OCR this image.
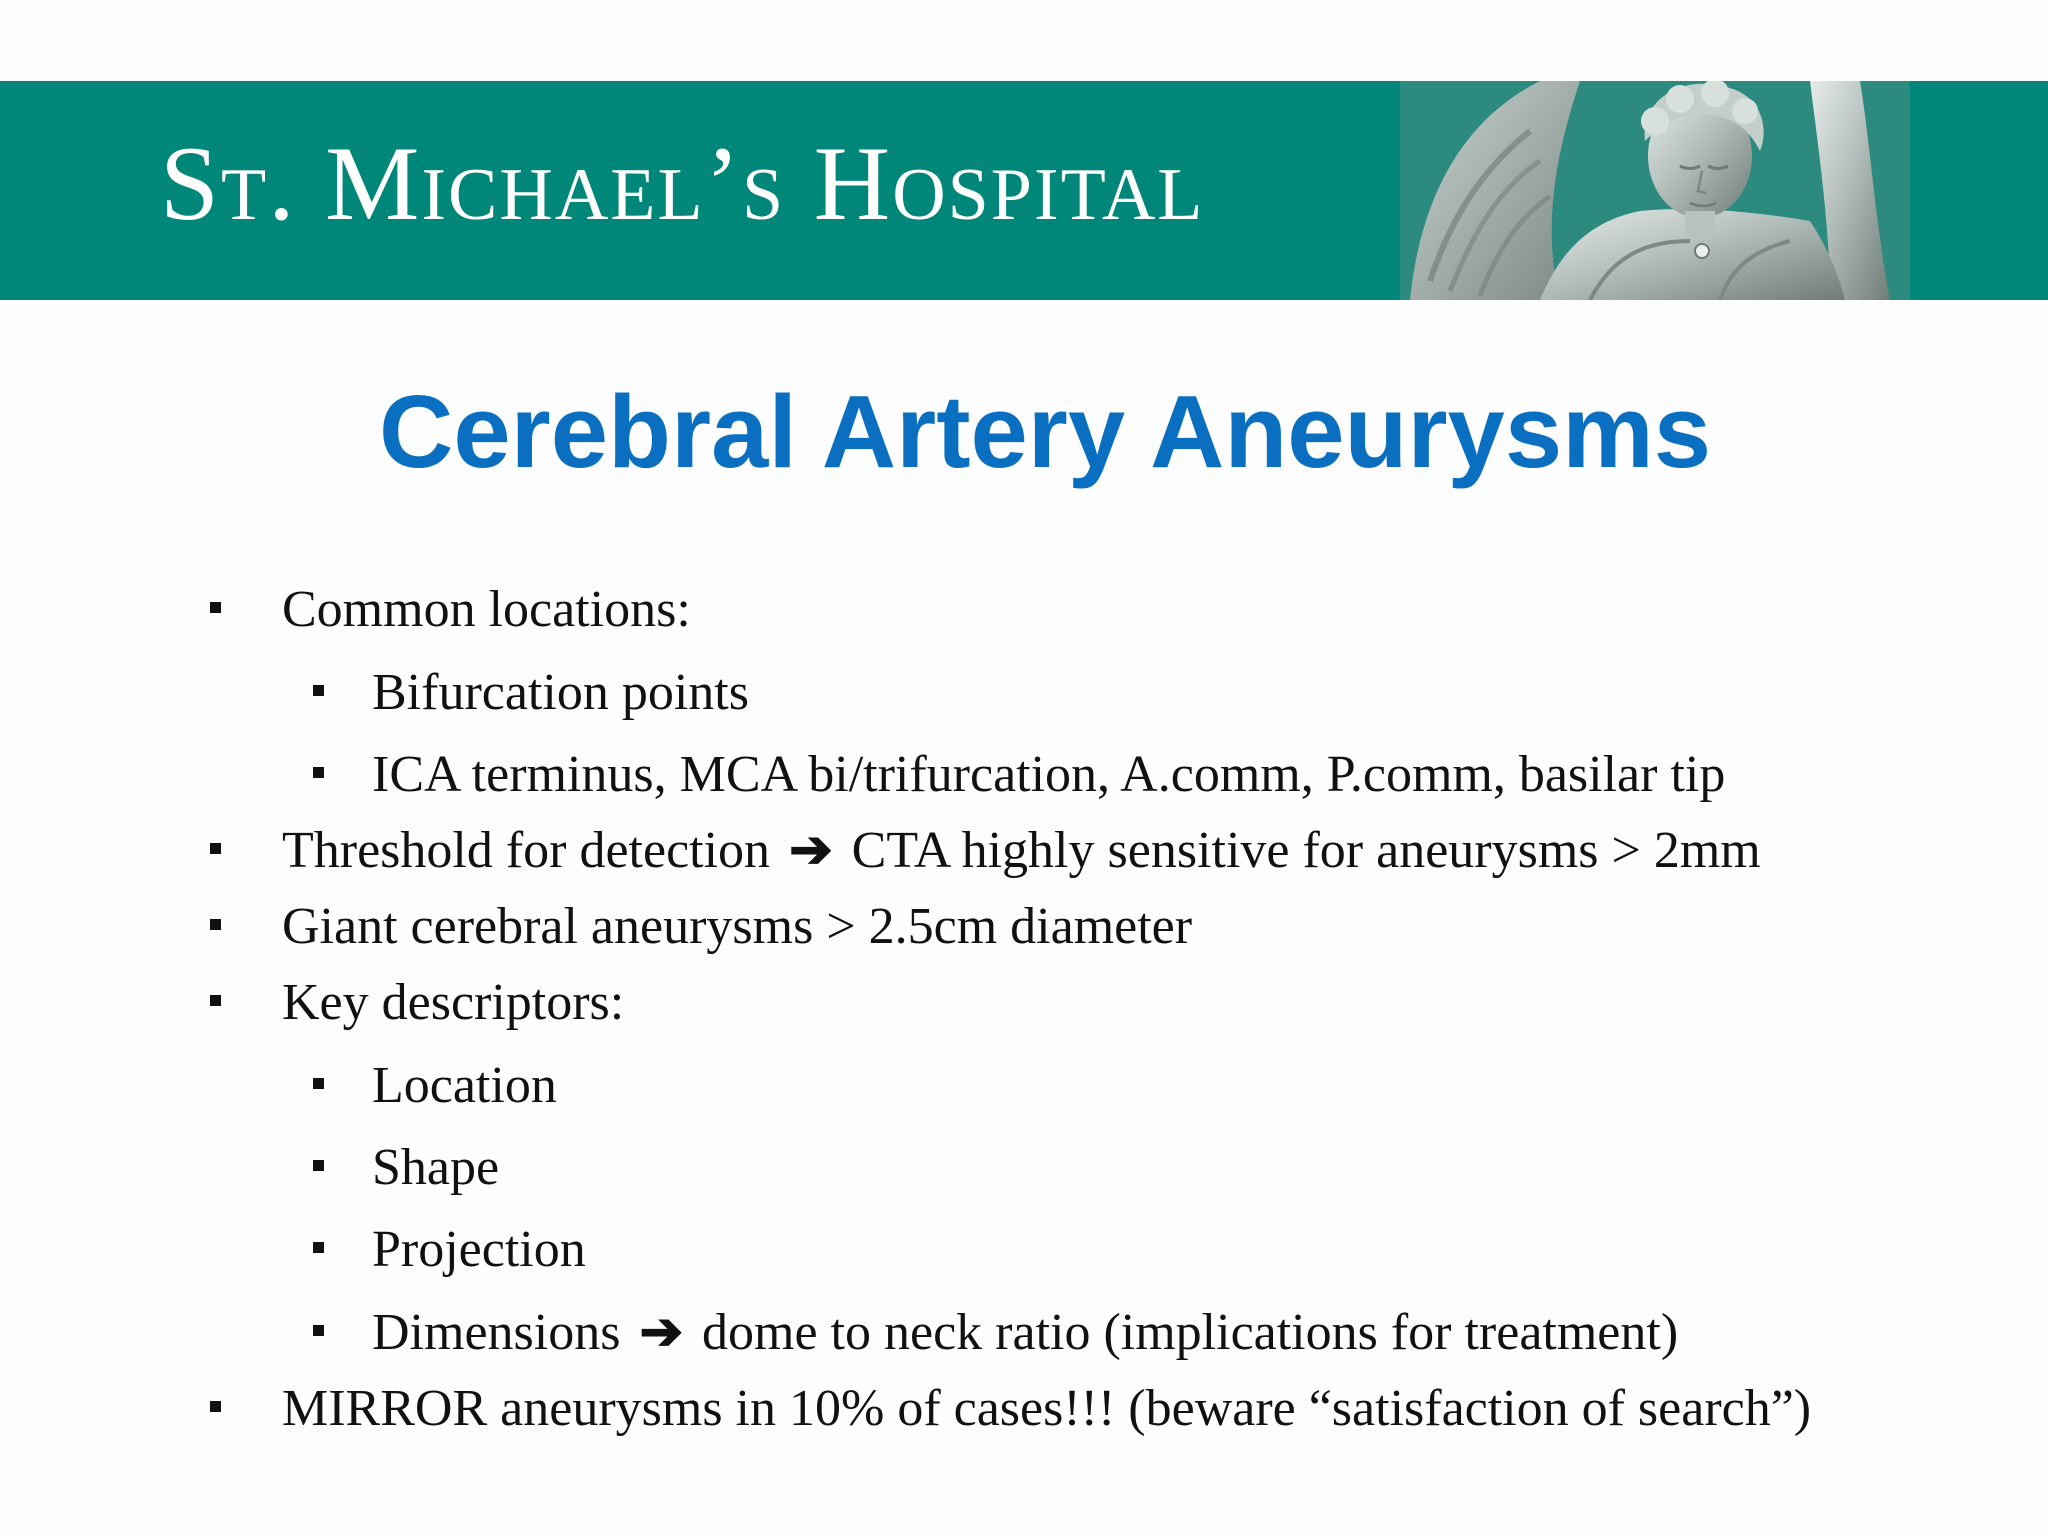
St. Michael’s Hospital
Cerebral Artery Aneurysms
Common locations:
Bifurcation points
ICA terminus, MCA bi/trifurcation, A.comm, P.comm, basilar tip
Threshold for detection ➔ CTA highly sensitive for aneurysms > 2mm
Giant cerebral aneurysms > 2.5cm diameter
Key descriptors:
Location
Shape
Projection
Dimensions ➔ dome to neck ratio (implications for treatment)
MIRROR aneurysms in 10% of cases!!! (beware “satisfaction of search”)
